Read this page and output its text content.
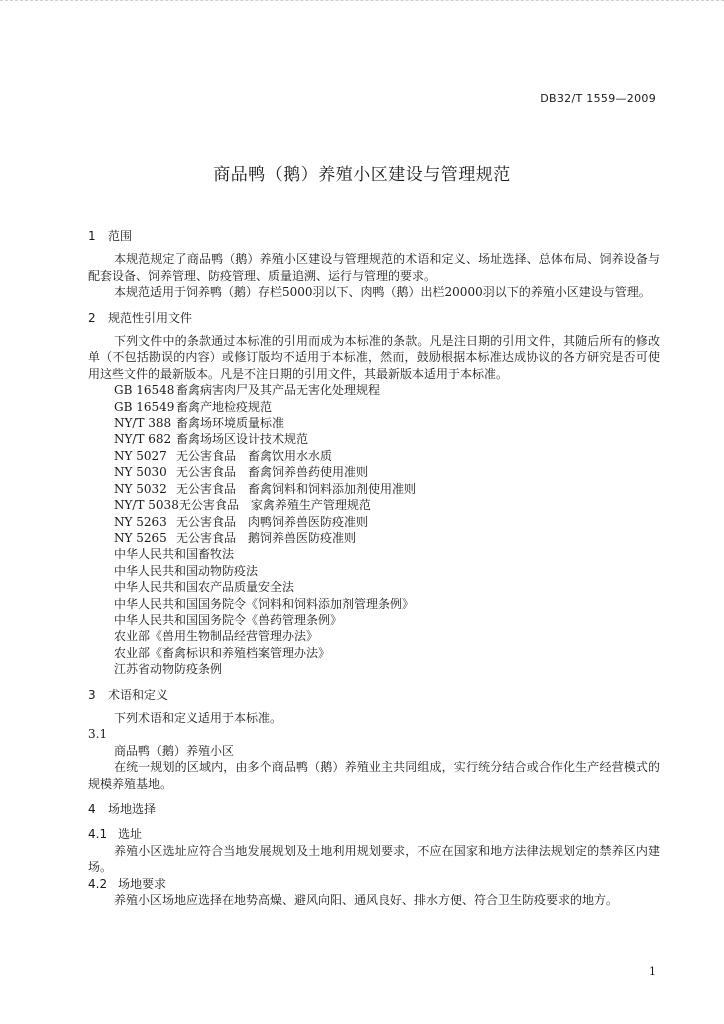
DB32/T 1559—2009
商品鸭（鹅）养殖小区建设与管理规范
1 范围

本规范规定了商品鸭（鹅）养殖小区建设与管理规范的术语和定义、场址选择、总体布局、饲养设备与配套设备、饲养管理、防疫管理、质量追溯、运行与管理的要求。

本规范适用于饲养鸭（鹅）存栏5000羽以下、肉鸭（鹅）出栏20000羽以下的养殖小区建设与管理。

2 规范性引用文件

下列文件中的条款通过本标准的引用而成为本标准的条款。凡是注日期的引用文件，其随后所有的修改单（不包括勘误的内容）或修订版均不适用于本标准，然而，鼓励根据本标准达成协议的各方研究是否可使用这些文件的最新版本。凡是不注日期的引用文件，其最新版本适用于本标准。

GB 16548 畜禽病害肉尸及其产品无害化处理规程
GB 16549 畜禽产地检疫规范
NY/T 388 畜禽场环境质量标准
NY/T 682 畜禽场场区设计技术规范
NY 5027 无公害食品　畜禽饮用水水质
NY 5030 无公害食品　畜禽饲养兽药使用准则
NY 5032 无公害食品　畜禽饲料和饲料添加剂使用准则
NY/T 5038无公害食品　家禽养殖生产管理规范
NY 5263 无公害食品　肉鸭饲养兽医防疫准则
NY 5265 无公害食品　鹅饲养兽医防疫准则
中华人民共和国畜牧法
中华人民共和国动物防疫法
中华人民共和国农产品质量安全法
中华人民共和国国务院令《饲料和饲料添加剂管理条例》
中华人民共和国国务院令《兽药管理条例》
农业部《兽用生物制品经营管理办法》
农业部《畜禽标识和养殖档案管理办法》
江苏省动物防疫条例
3 术语和定义

下列术语和定义适用于本标准。

3.1
商品鸭（鹅）养殖小区

在统一规划的区域内，由多个商品鸭（鹅）养殖业主共同组成，实行统分结合或合作化生产经营模式的规模养殖基地。

4 场地选择
4.1 选址

养殖小区选址应符合当地发展规划及土地利用规划要求，不应在国家和地方法律法规划定的禁养区内建场。

4.2 场地要求

养殖小区场地应选择在地势高燥、避风向阳、通风良好、排水方便、符合卫生防疫要求的地方。

1
